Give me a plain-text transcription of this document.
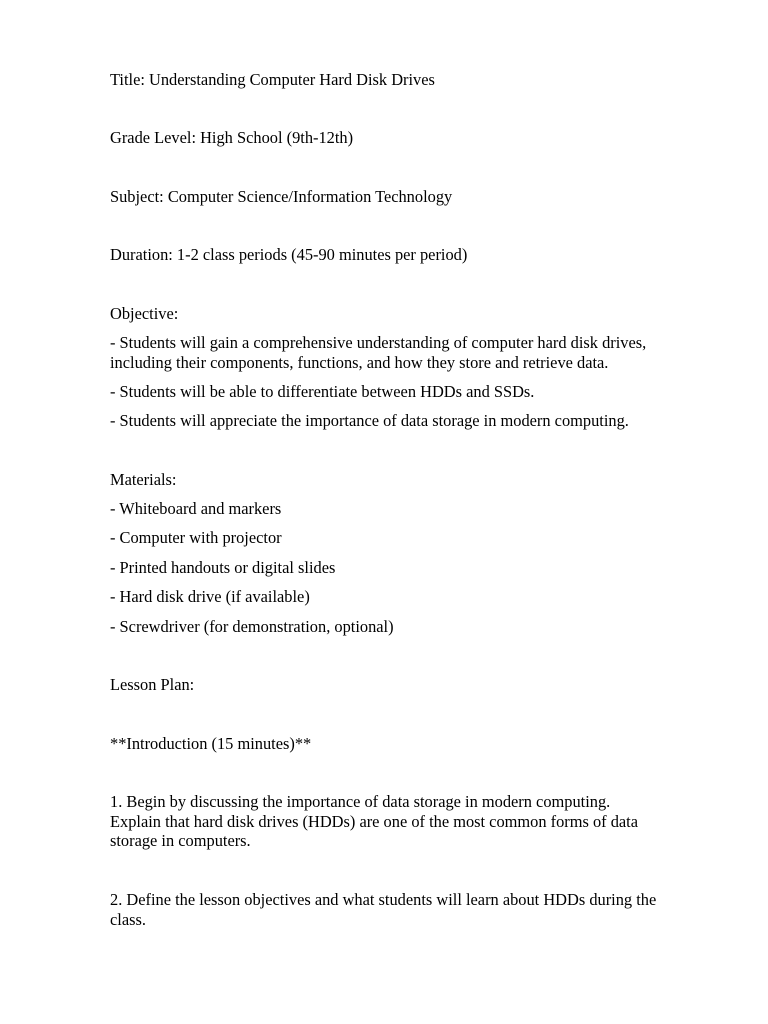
Title: Understanding Computer Hard Disk Drives
Grade Level: High School (9th-12th)
Subject: Computer Science/Information Technology
Duration: 1-2 class periods (45-90 minutes per period)
Objective:
- Students will gain a comprehensive understanding of computer hard disk drives,
including their components, functions, and how they store and retrieve data.
- Students will be able to differentiate between HDDs and SSDs.
- Students will appreciate the importance of data storage in modern computing.
Materials:
- Whiteboard and markers
- Computer with projector
- Printed handouts or digital slides
- Hard disk drive (if available)
- Screwdriver (for demonstration, optional)
Lesson Plan:
**Introduction (15 minutes)**
1. Begin by discussing the importance of data storage in modern computing.
Explain that hard disk drives (HDDs) are one of the most common forms of data
storage in computers.
2. Define the lesson objectives and what students will learn about HDDs during the
class.
